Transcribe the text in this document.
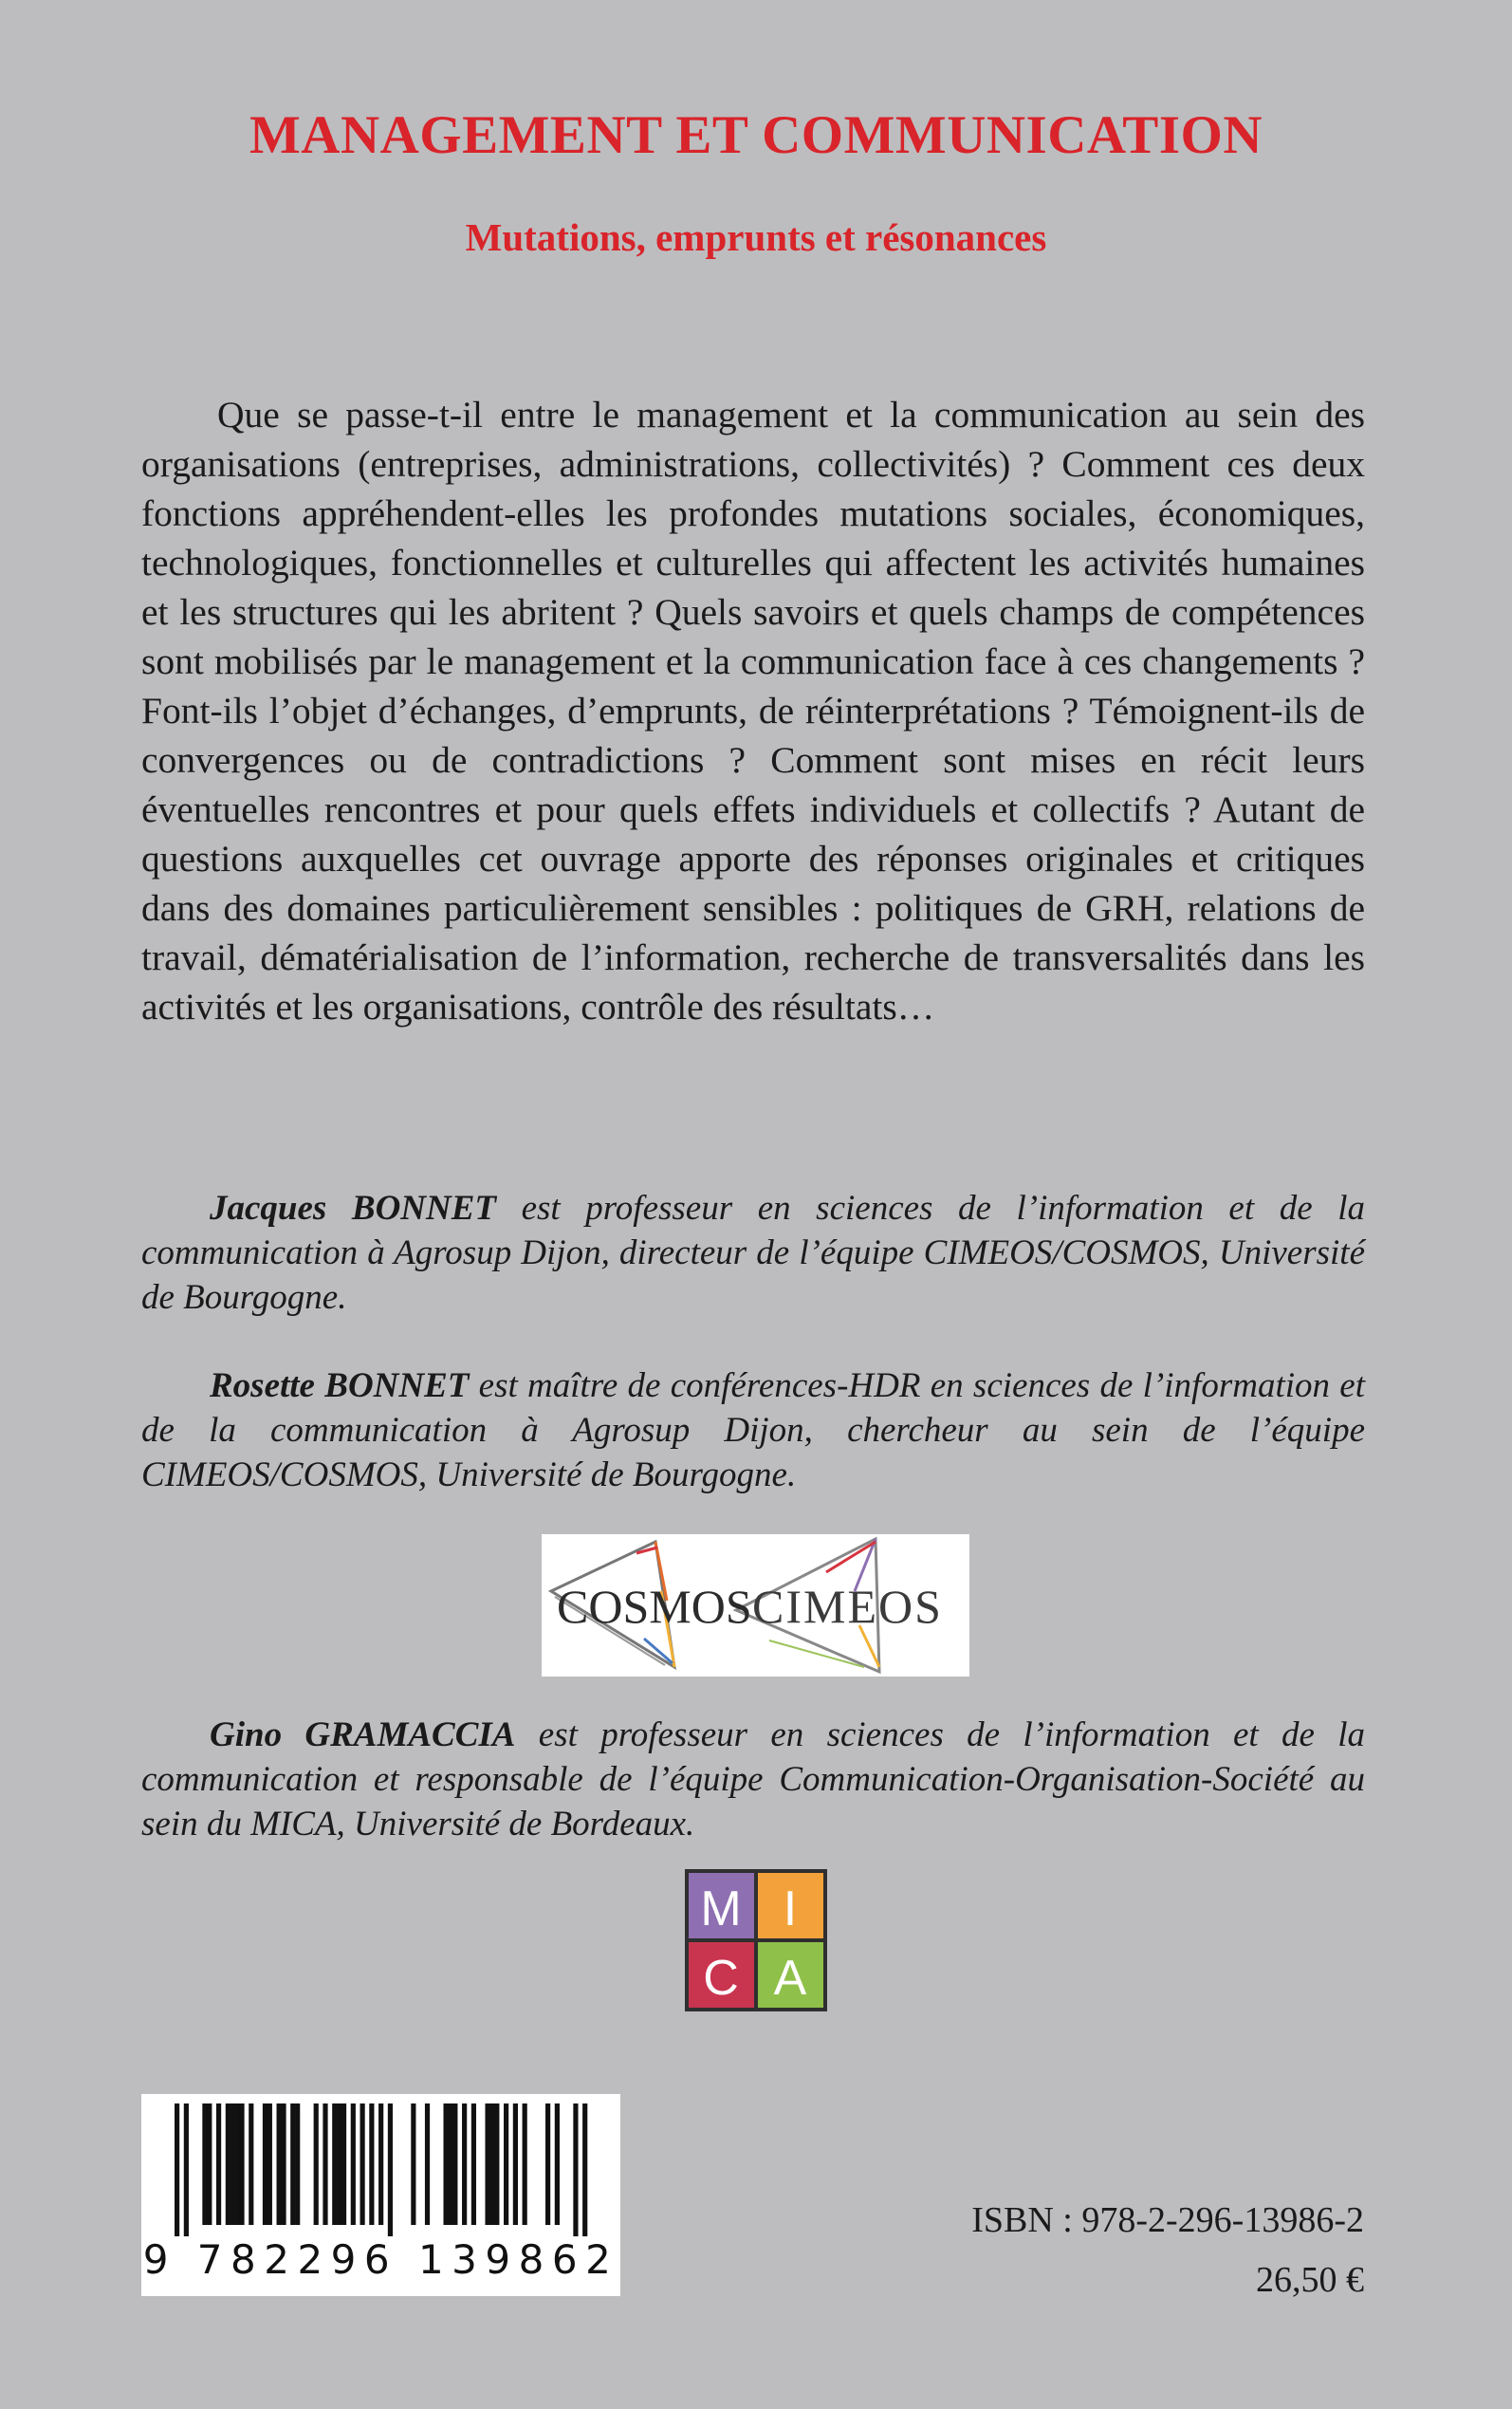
MANAGEMENT ET COMMUNICATION
Mutations, emprunts et résonances

Que se passe-t-il entre le management et la communication au sein des organisations (entreprises, administrations, collectivités) ? Comment ces deux fonctions appréhendent-elles les profondes mutations sociales, économiques, technologiques, fonctionnelles et culturelles qui affectent les activités humaines et les structures qui les abritent ? Quels savoirs et quels champs de compétences sont mobilisés par le management et la communication face à ces changements ? Font-ils l’objet d’échanges, d’emprunts, de réinterprétations ? Témoignent-ils de convergences ou de contradictions ? Comment sont mises en récit leurs éventuelles rencontres et pour quels effets individuels et collectifs ? Autant de questions auxquelles cet ouvrage apporte des réponses originales et critiques dans des domaines particulièrement sensibles : politiques de GRH, relations de travail, dématérialisation de l’information, recherche de transversalités dans les activités et les organisations, contrôle des résultats…

Jacques BONNET est professeur en sciences de l’information et de la communication à Agrosup Dijon, directeur de l’équipe CIMEOS/COSMOS, Université de Bourgogne.

Rosette BONNET est maître de conférences-HDR en sciences de l’information et de la communication à Agrosup Dijon, chercheur au sein de l’équipe CIMEOS/COSMOS, Université de Bourgogne.

COSMOS CIMEOS

Gino GRAMACCIA est professeur en sciences de l’information et de la communication et responsable de l’équipe Communication-Organisation-Société au sein du MICA, Université de Bordeaux.

M I
C A
9 782296 139862
ISBN : 978-2-296-13986-2
26,50 €
